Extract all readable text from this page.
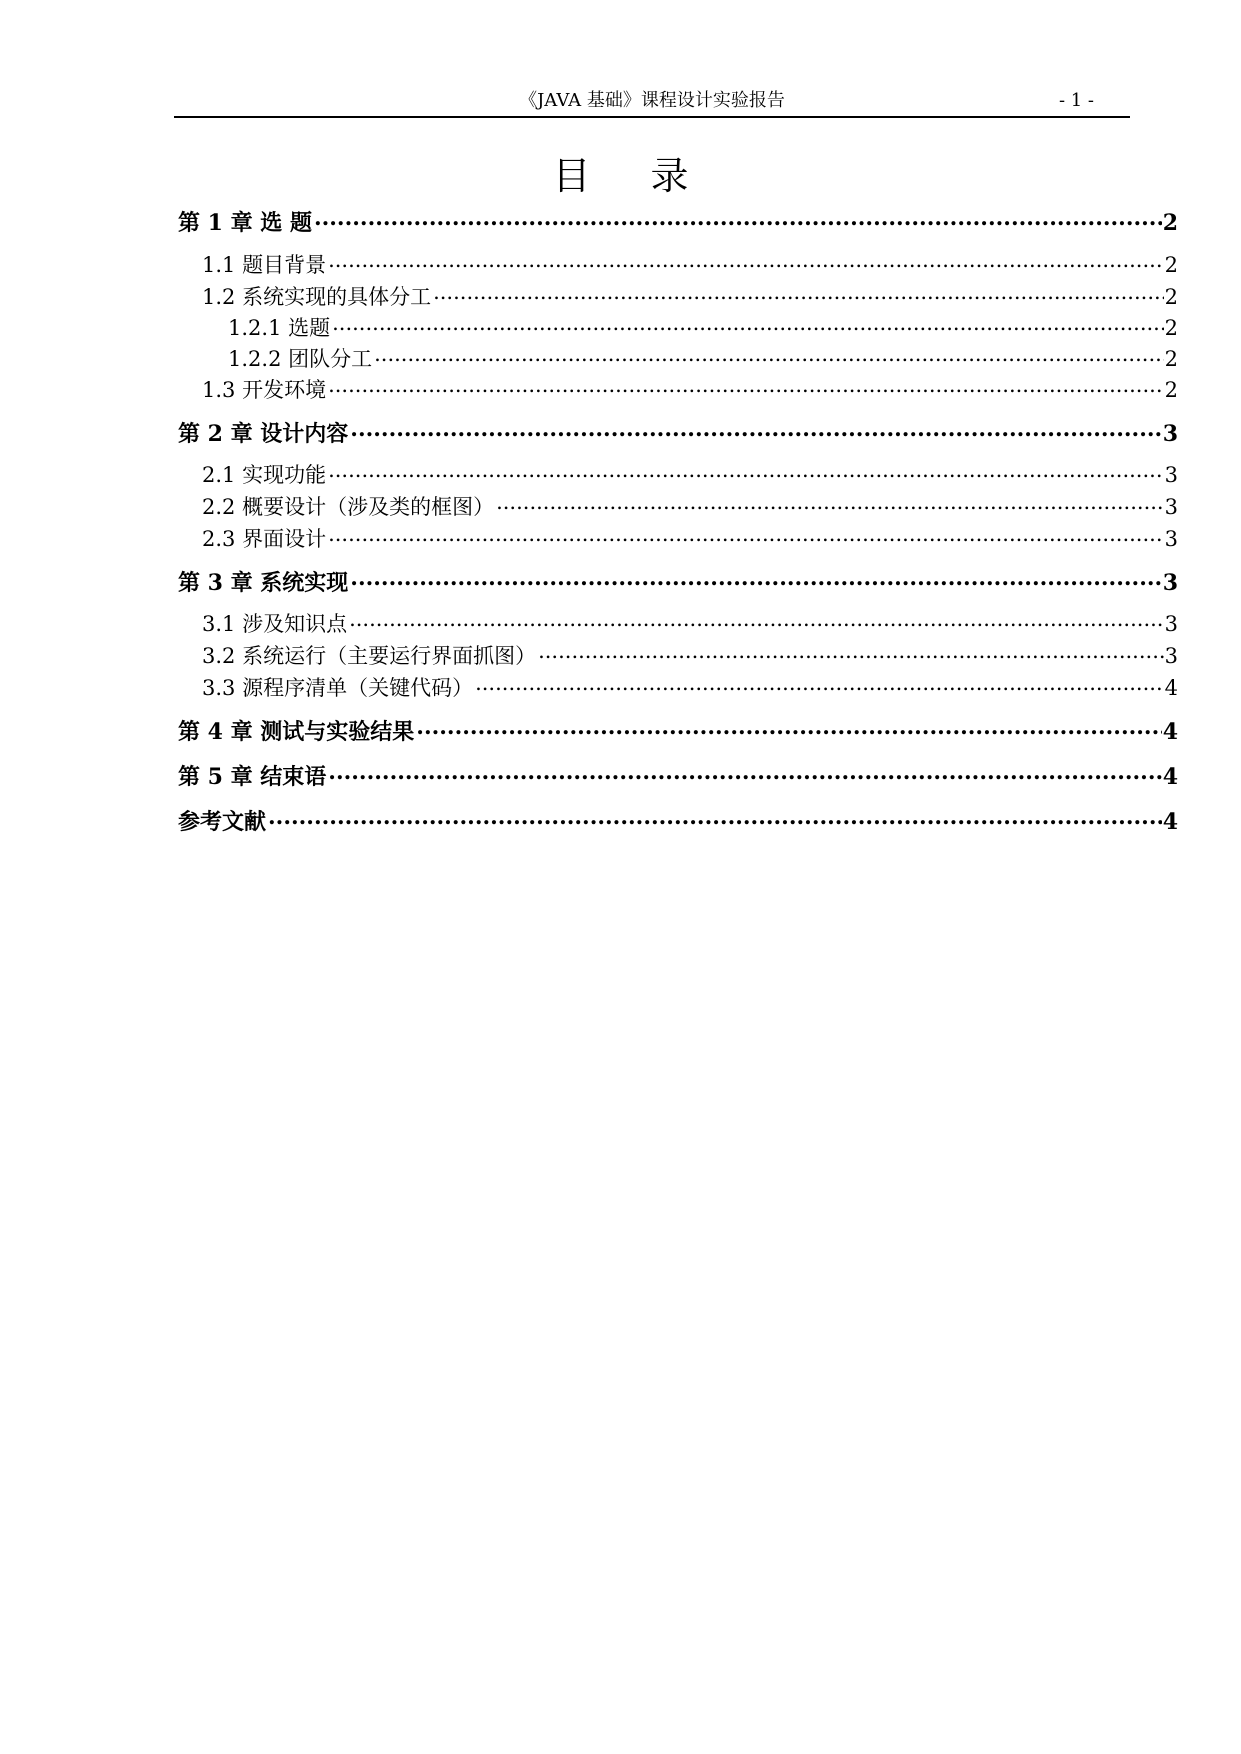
《JAVA 基础》课程设计实验报告	- 1 -
目录
第 1 章 选 题 .....	2
1.1 题目背景 .....	2
1.2 系统实现的具体分工 .....	2
1.2.1 选题 .....	2
1.2.2 团队分工 .....	2
1.3 开发环境 .....	2
第 2 章 设计内容 .....	3
2.1 实现功能 .....	3
2.2 概要设计（涉及类的框图） .....	3
2.3 界面设计 .....	3
第 3 章 系统实现 .....	3
3.1 涉及知识点 .....	3
3.2 系统运行（主要运行界面抓图） .....	3
3.3 源程序清单（关键代码） .....	4
第 4 章 测试与实验结果 .....	4
第 5 章 结束语 .....	4
参考文献 .....	4
